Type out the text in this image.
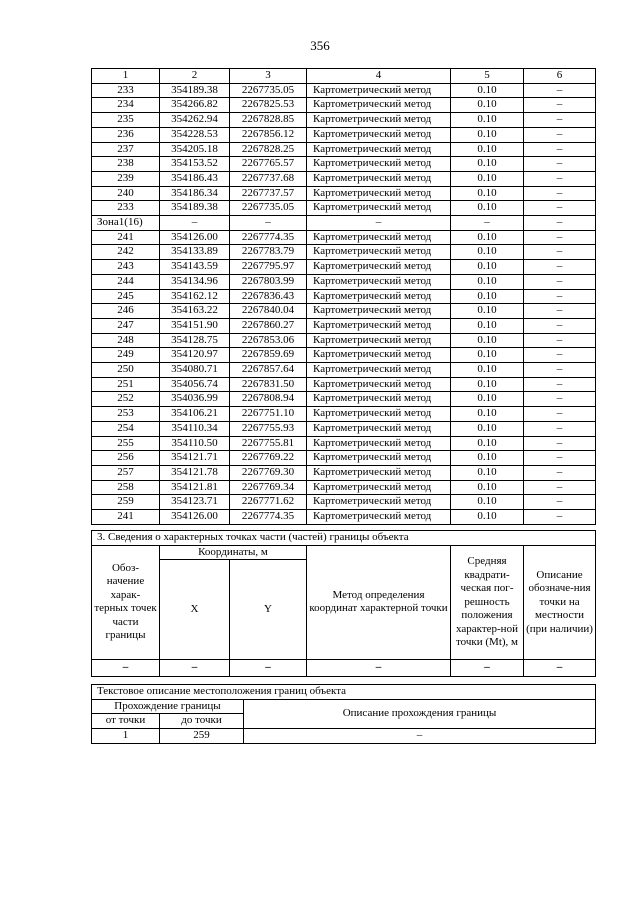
356
1	2	3	4	5	6
233	354189.38	2267735.05	Картометрический метод	0.10	–
234	354266.82	2267825.53	Картометрический метод	0.10	–
235	354262.94	2267828.85	Картометрический метод	0.10	–
236	354228.53	2267856.12	Картометрический метод	0.10	–
237	354205.18	2267828.25	Картометрический метод	0.10	–
238	354153.52	2267765.57	Картометрический метод	0.10	–
239	354186.43	2267737.68	Картометрический метод	0.10	–
240	354186.34	2267737.57	Картометрический метод	0.10	–
233	354189.38	2267735.05	Картометрический метод	0.10	–
Зона1(16)	–	–	–	–	–
241	354126.00	2267774.35	Картометрический метод	0.10	–
242	354133.89	2267783.79	Картометрический метод	0.10	–
243	354143.59	2267795.97	Картометрический метод	0.10	–
244	354134.96	2267803.99	Картометрический метод	0.10	–
245	354162.12	2267836.43	Картометрический метод	0.10	–
246	354163.22	2267840.04	Картометрический метод	0.10	–
247	354151.90	2267860.27	Картометрический метод	0.10	–
248	354128.75	2267853.06	Картометрический метод	0.10	–
249	354120.97	2267859.69	Картометрический метод	0.10	–
250	354080.71	2267857.64	Картометрический метод	0.10	–
251	354056.74	2267831.50	Картометрический метод	0.10	–
252	354036.99	2267808.94	Картометрический метод	0.10	–
253	354106.21	2267751.10	Картометрический метод	0.10	–
254	354110.34	2267755.93	Картометрический метод	0.10	–
255	354110.50	2267755.81	Картометрический метод	0.10	–
256	354121.71	2267769.22	Картометрический метод	0.10	–
257	354121.78	2267769.30	Картометрический метод	0.10	–
258	354121.81	2267769.34	Картометрический метод	0.10	–
259	354123.71	2267771.62	Картометрический метод	0.10	–
241	354126.00	2267774.35	Картометрический метод	0.10	–
3. Сведения о характерных точках части (частей) границы объекта					
Обоз-начение харак-терных точек части границы	Координаты, м		Метод определения координат характерной точки	Средняя квадрати-ческая пог-решность положения характер-ной точки (Mt), м	Описание обозначе-ния точки на местности (при наличии)
	X	Y			
–	–	–	–	–	–
Текстовое описание местоположения границ объекта		
Прохождение границы		Описание прохождения границы
от точки	до точки	
1	259	–
